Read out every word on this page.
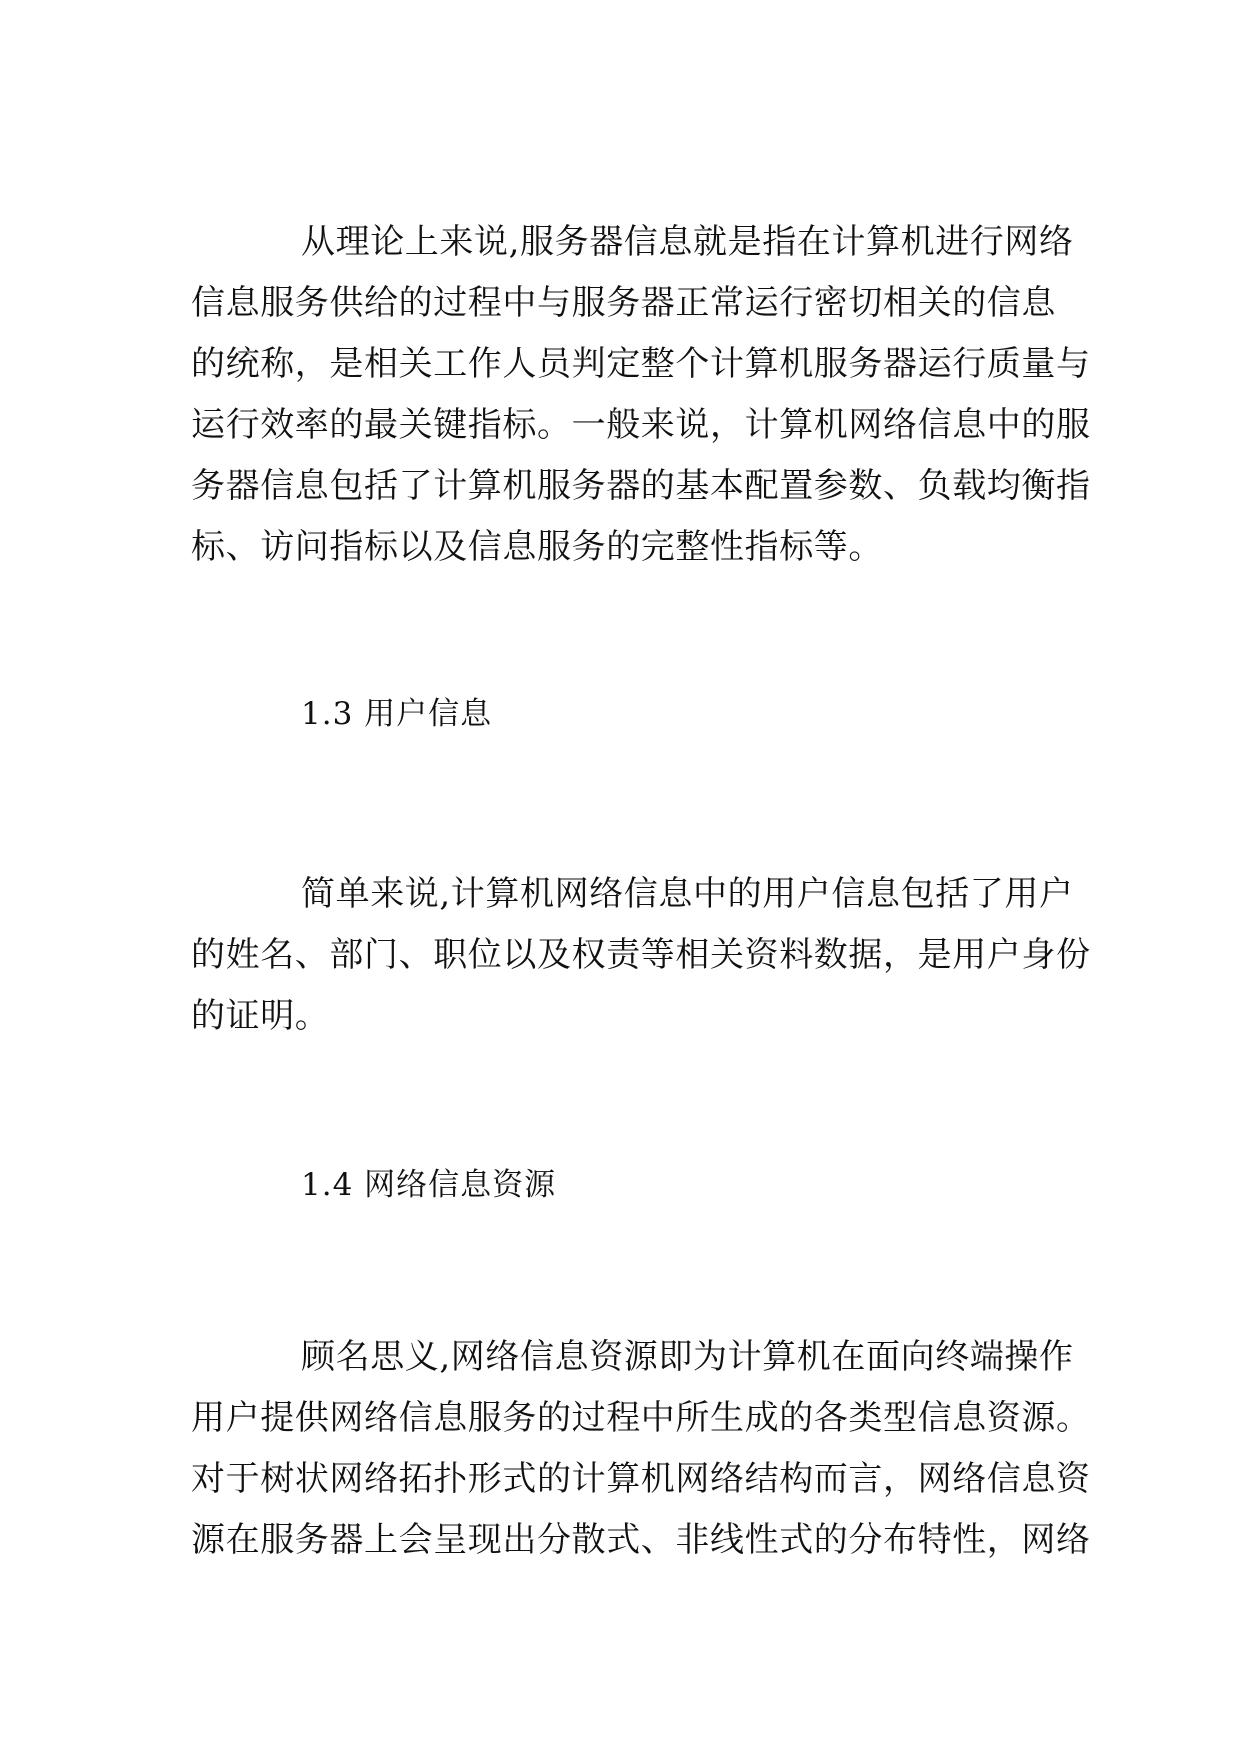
从理论上来说,服务器信息就是指在计算机进行网络
信息服务供给的过程中与服务器正常运行密切相关的信息
的统称，是相关工作人员判定整个计算机服务器运行质量与
运行效率的最关键指标。一般来说，计算机网络信息中的服
务器信息包括了计算机服务器的基本配置参数、负载均衡指
标、访问指标以及信息服务的完整性指标等。
1.3 用户信息
简单来说,计算机网络信息中的用户信息包括了用户
的姓名、部门、职位以及权责等相关资料数据，是用户身份
的证明。
1.4 网络信息资源
顾名思义,网络信息资源即为计算机在面向终端操作
用户提供网络信息服务的过程中所生成的各类型信息资源。
对于树状网络拓扑形式的计算机网络结构而言，网络信息资
源在服务器上会呈现出分散式、非线性式的分布特性，网络
